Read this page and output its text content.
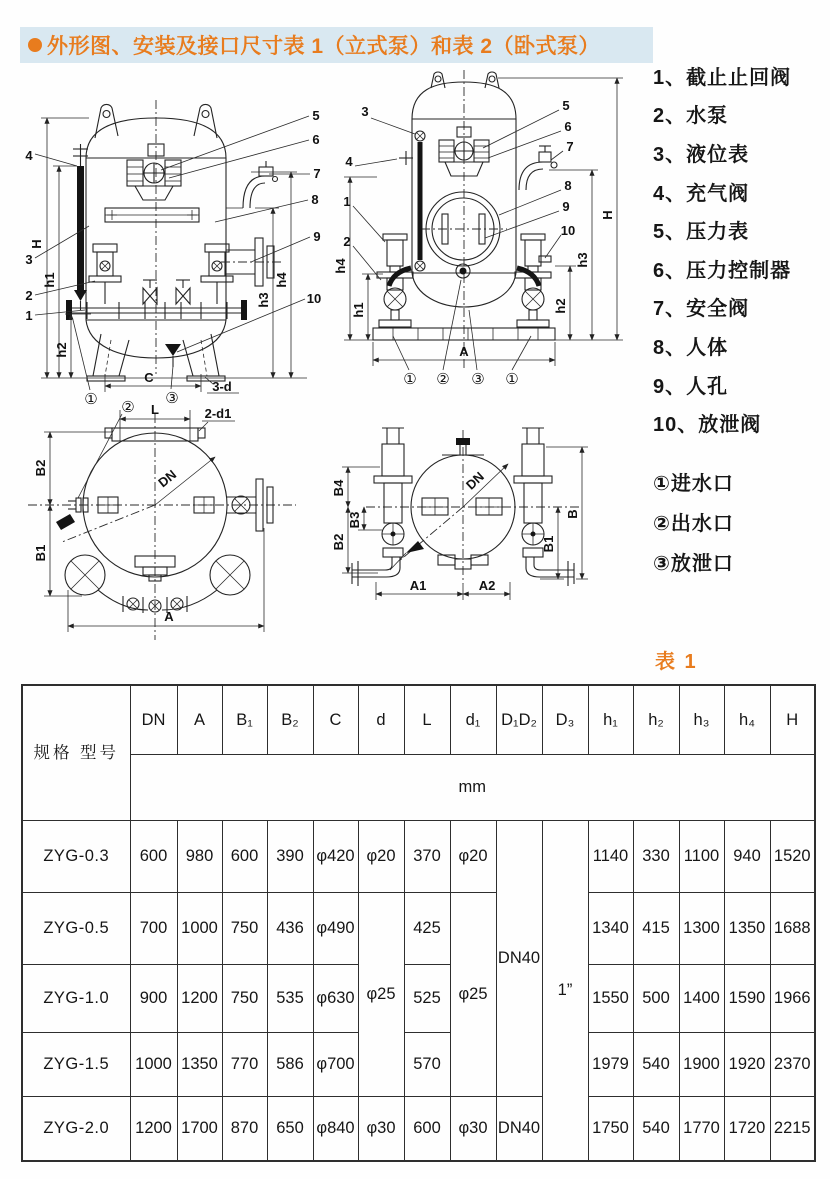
外形图、安装及接口尺寸表 1（立式泵）和表 2（卧式泵）
H
h1
h2
h3
h4
C
3-d
4
3
2
1
5
6
7
8
9
10
①	③
h4
h1	h2
h3
H
A
3
4
1
2
5
6
7
8
9
10
① ② ③ ①
L	2-d1
B2
B1
A
DN
②
B4
B2
B3
B1
B
A1	A2
DN
1、截止止回阀
2、水泵
3、液位表
4、充气阀
5、压力表
6、压力控制器
7、安全阀
8、人体
9、人孔
10、放泄阀
①进水口
②出水口
③放泄口
表 1
规格 型号	DN	A	B₁	B₂	C	d	L	d₁	D₁D₂	D₃	h₁	h₂	h₃	h₄	H
	mm														
ZYG-0.3	600	980	600	390	φ420	φ20	370	φ20	DN40	1”	1140	330	1100	940	1520
ZYG-0.5	700	1000	750	436	φ490	φ25	425	φ25			1340	415	1300	1350	1688
ZYG-1.0	900	1200	750	535	φ630		525				1550	500	1400	1590	1966
ZYG-1.5	1000	1350	770	586	φ700		570				1979	540	1900	1920	2370
ZYG-2.0	1200	1700	870	650	φ840	φ30	600	φ30	DN40		1750	540	1770	1720	2215
